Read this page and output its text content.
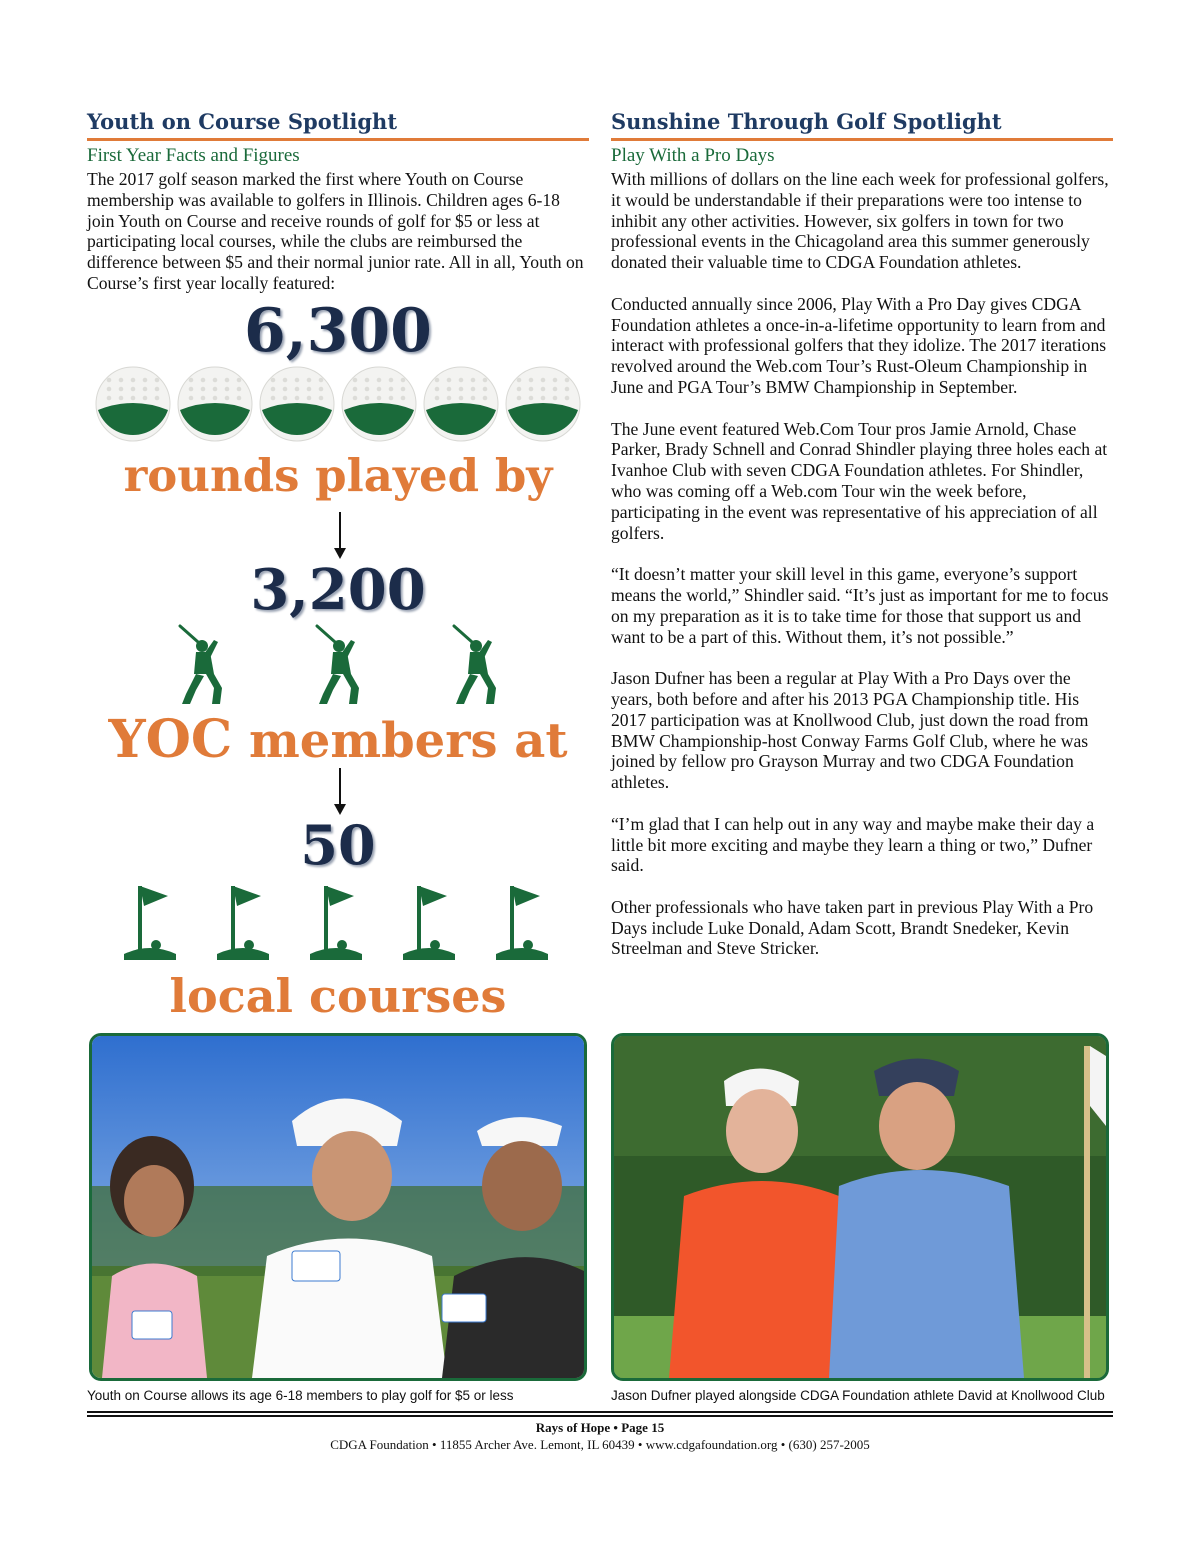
Youth on Course Spotlight
First Year Facts and Figures

The 2017 golf season marked the first where Youth on Course membership was available to golfers in Illinois. Children ages 6-18 join Youth on Course and receive rounds of golf for $5 or less at participating local courses, while the clubs are reimbursed the difference between $5 and their normal junior rate. All in all, Youth on Course’s first year locally featured:

6,300
rounds played by
3,200
YOC members at
50
local courses
Sunshine Through Golf Spotlight
Play With a Pro Days

With millions of dollars on the line each week for professional golfers, it would be understandable if their preparations were too intense to inhibit any other activities. However, six golfers in town for two professional events in the Chicagoland area this summer generously donated their valuable time to CDGA Foundation athletes.

Conducted annually since 2006, Play With a Pro Day gives CDGA Foundation athletes a once-in-a-lifetime opportunity to learn from and interact with professional golfers that they idolize. The 2017 iterations revolved around the Web.com Tour’s Rust-Oleum Championship in June and PGA Tour’s BMW Championship in September.

The June event featured Web.Com Tour pros Jamie Arnold, Chase Parker, Brady Schnell and Conrad Shindler playing three holes each at Ivanhoe Club with seven CDGA Foundation athletes. For Shindler, who was coming off a Web.com Tour win the week before, participating in the event was representative of his appreciation of all golfers.

“It doesn’t matter your skill level in this game, everyone’s support means the world,” Shindler said. “It’s just as important for me to focus on my preparation as it is to take time for those that support us and want to be a part of this. Without them, it’s not possible.”

Jason Dufner has been a regular at Play With a Pro Days over the years, both before and after his 2013 PGA Championship title. His 2017 participation was at Knollwood Club, just down the road from BMW Championship-host Conway Farms Golf Club, where he was joined by fellow pro Grayson Murray and two CDGA Foundation athletes.

“I’m glad that I can help out in any way and maybe make their day a little bit more exciting and maybe they learn a thing or two,” Dufner said.

Other professionals who have taken part in previous Play With a Pro Days include Luke Donald, Adam Scott, Brandt Snedeker, Kevin Streelman and Steve Stricker.

Youth on Course allows its age 6-18 members to play golf for $5 or less	Jason Dufner played alongside CDGA Foundation athlete David at Knollwood Club
Rays of Hope • Page 15
CDGA Foundation • 11855 Archer Ave. Lemont, IL 60439 • www.cdgafoundation.org • (630) 257-2005
